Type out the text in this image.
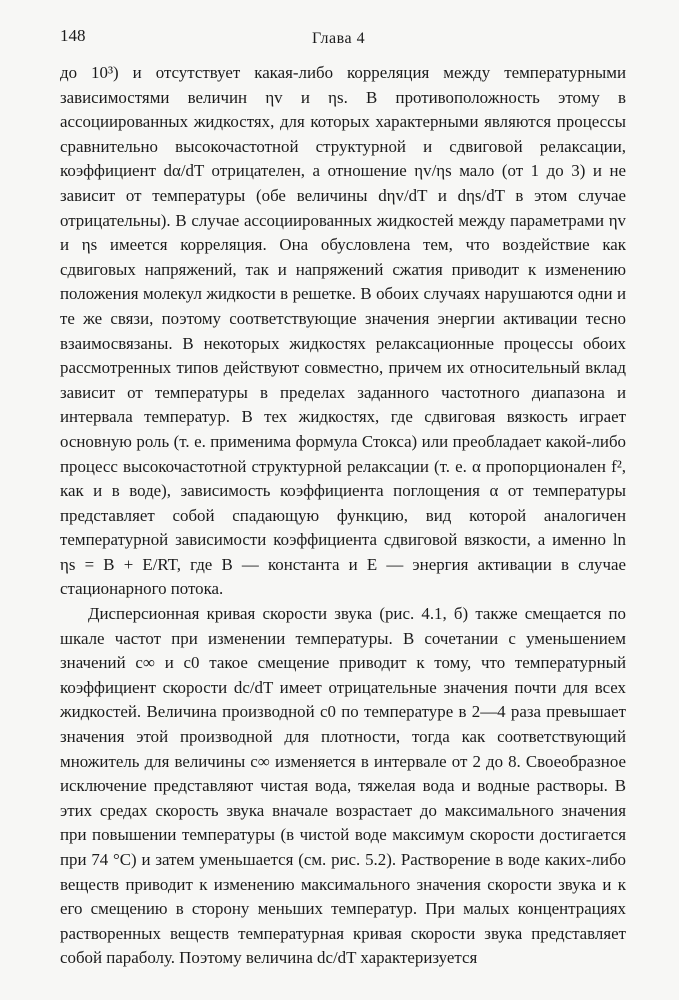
148	Глава 4

до 10³) и отсутствует какая-либо корреляция между температурными зависимостями величин ηv и ηs. В противоположность этому в ассоциированных жидкостях, для которых характерными являются процессы сравнительно высокочастотной структурной и сдвиговой релаксации, коэффициент dα/dT отрицателен, а отношение ηv/ηs мало (от 1 до 3) и не зависит от температуры (обе величины dηv/dT и dηs/dT в этом случае отрицательны). В случае ассоциированных жидкостей между параметрами ηv и ηs имеется корреляция. Она обусловлена тем, что воздействие как сдвиговых напряжений, так и напряжений сжатия приводит к изменению положения молекул жидкости в решетке. В обоих случаях нарушаются одни и те же связи, поэтому соответствующие значения энергии активации тесно взаимосвязаны. В некоторых жидкостях релаксационные процессы обоих рассмотренных типов действуют совместно, причем их относительный вклад зависит от температуры в пределах заданного частотного диапазона и интервала температур. В тех жидкостях, где сдвиговая вязкость играет основную роль (т. е. применима формула Стокса) или преобладает какой-либо процесс высокочастотной структурной релаксации (т. е. α пропорционален f², как и в воде), зависимость коэффициента поглощения α от температуры представляет собой спадающую функцию, вид которой аналогичен температурной зависимости коэффициента сдвиговой вязкости, а именно ln ηs = B + E/RT, где B — константа и E — энергия активации в случае стационарного потока.

Дисперсионная кривая скорости звука (рис. 4.1, б) также смещается по шкале частот при изменении температуры. В сочетании с уменьшением значений c∞ и c0 такое смещение приводит к тому, что температурный коэффициент скорости dc/dT имеет отрицательные значения почти для всех жидкостей. Величина производной c0 по температуре в 2—4 раза превышает значения этой производной для плотности, тогда как соответствующий множитель для величины c∞ изменяется в интервале от 2 до 8. Своеобразное исключение представляют чистая вода, тяжелая вода и водные растворы. В этих средах скорость звука вначале возрастает до максимального значения при повышении температуры (в чистой воде максимум скорости достигается при 74 °C) и затем уменьшается (см. рис. 5.2). Растворение в воде каких-либо веществ приводит к изменению максимального значения скорости звука и к его смещению в сторону меньших температур. При малых концентрациях растворенных веществ температурная кривая скорости звука представляет собой параболу. Поэтому величина dc/dT характеризуется
